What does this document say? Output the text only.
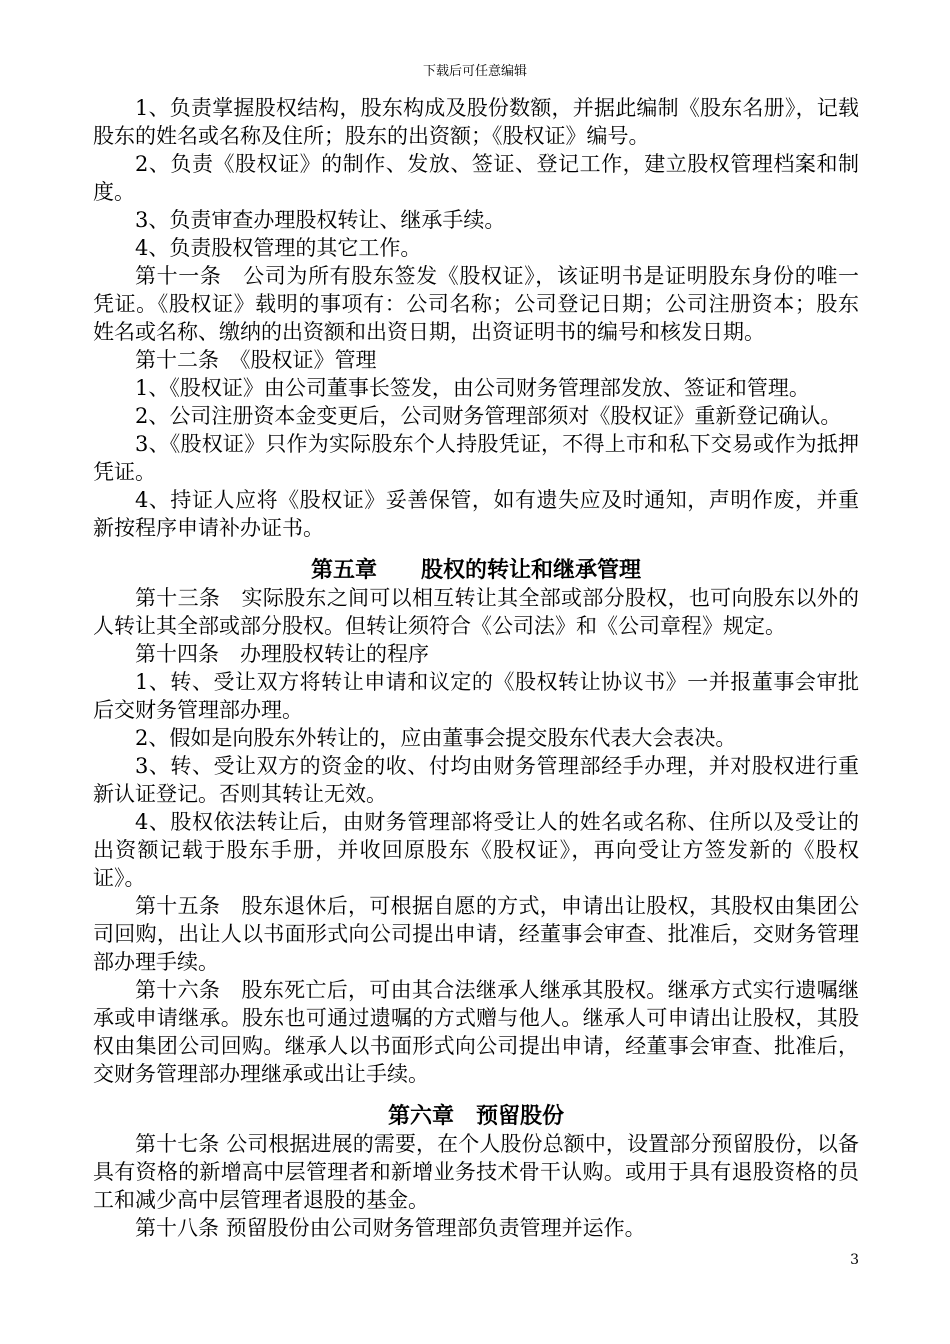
下载后可任意编辑

1、负责掌握股权结构，股东构成及股份数额，并据此编制《股东名册》，记载股东的姓名或名称及住所；股东的出资额；《股权证》编号。

2、负责《股权证》的制作、发放、签证、登记工作，建立股权管理档案和制度。

3、负责审查办理股权转让、继承手续。

4、负责股权管理的其它工作。

第十一条　公司为所有股东签发《股权证》，该证明书是证明股东身份的唯一凭证。《股权证》载明的事项有：公司名称；公司登记日期；公司注册资本；股东姓名或名称、缴纳的出资额和出资日期，出资证明书的编号和核发日期。

第十二条　《股权证》管理

1、《股权证》由公司董事长签发，由公司财务管理部发放、签证和管理。

2、公司注册资本金变更后，公司财务管理部须对《股权证》重新登记确认。

3、《股权证》只作为实际股东个人持股凭证，不得上市和私下交易或作为抵押凭证。

4、持证人应将《股权证》妥善保管，如有遗失应及时通知，声明作废，并重新按程序申请补办证书。

第五章　　股权的转让和继承管理

第十三条　实际股东之间可以相互转让其全部或部分股权，也可向股东以外的人转让其全部或部分股权。但转让须符合《公司法》和《公司章程》规定。

第十四条　办理股权转让的程序

1、转、受让双方将转让申请和议定的《股权转让协议书》一并报董事会审批后交财务管理部办理。

2、假如是向股东外转让的，应由董事会提交股东代表大会表决。

3、转、受让双方的资金的收、付均由财务管理部经手办理，并对股权进行重新认证登记。否则其转让无效。

4、股权依法转让后，由财务管理部将受让人的姓名或名称、住所以及受让的出资额记载于股东手册，并收回原股东《股权证》，再向受让方签发新的《股权证》。

第十五条　股东退休后，可根据自愿的方式，申请出让股权，其股权由集团公司回购，出让人以书面形式向公司提出申请，经董事会审查、批准后，交财务管理部办理手续。

第十六条　股东死亡后，可由其合法继承人继承其股权。继承方式实行遗嘱继承或申请继承。股东也可通过遗嘱的方式赠与他人。继承人可申请出让股权，其股权由集团公司回购。继承人以书面形式向公司提出申请，经董事会审查、批准后，交财务管理部办理继承或出让手续。

第六章　预留股份

第十七条 公司根据进展的需要，在个人股份总额中，设置部分预留股份，以备具有资格的新增高中层管理者和新增业务技术骨干认购。或用于具有退股资格的员工和减少高中层管理者退股的基金。

第十八条 预留股份由公司财务管理部负责管理并运作。

3
